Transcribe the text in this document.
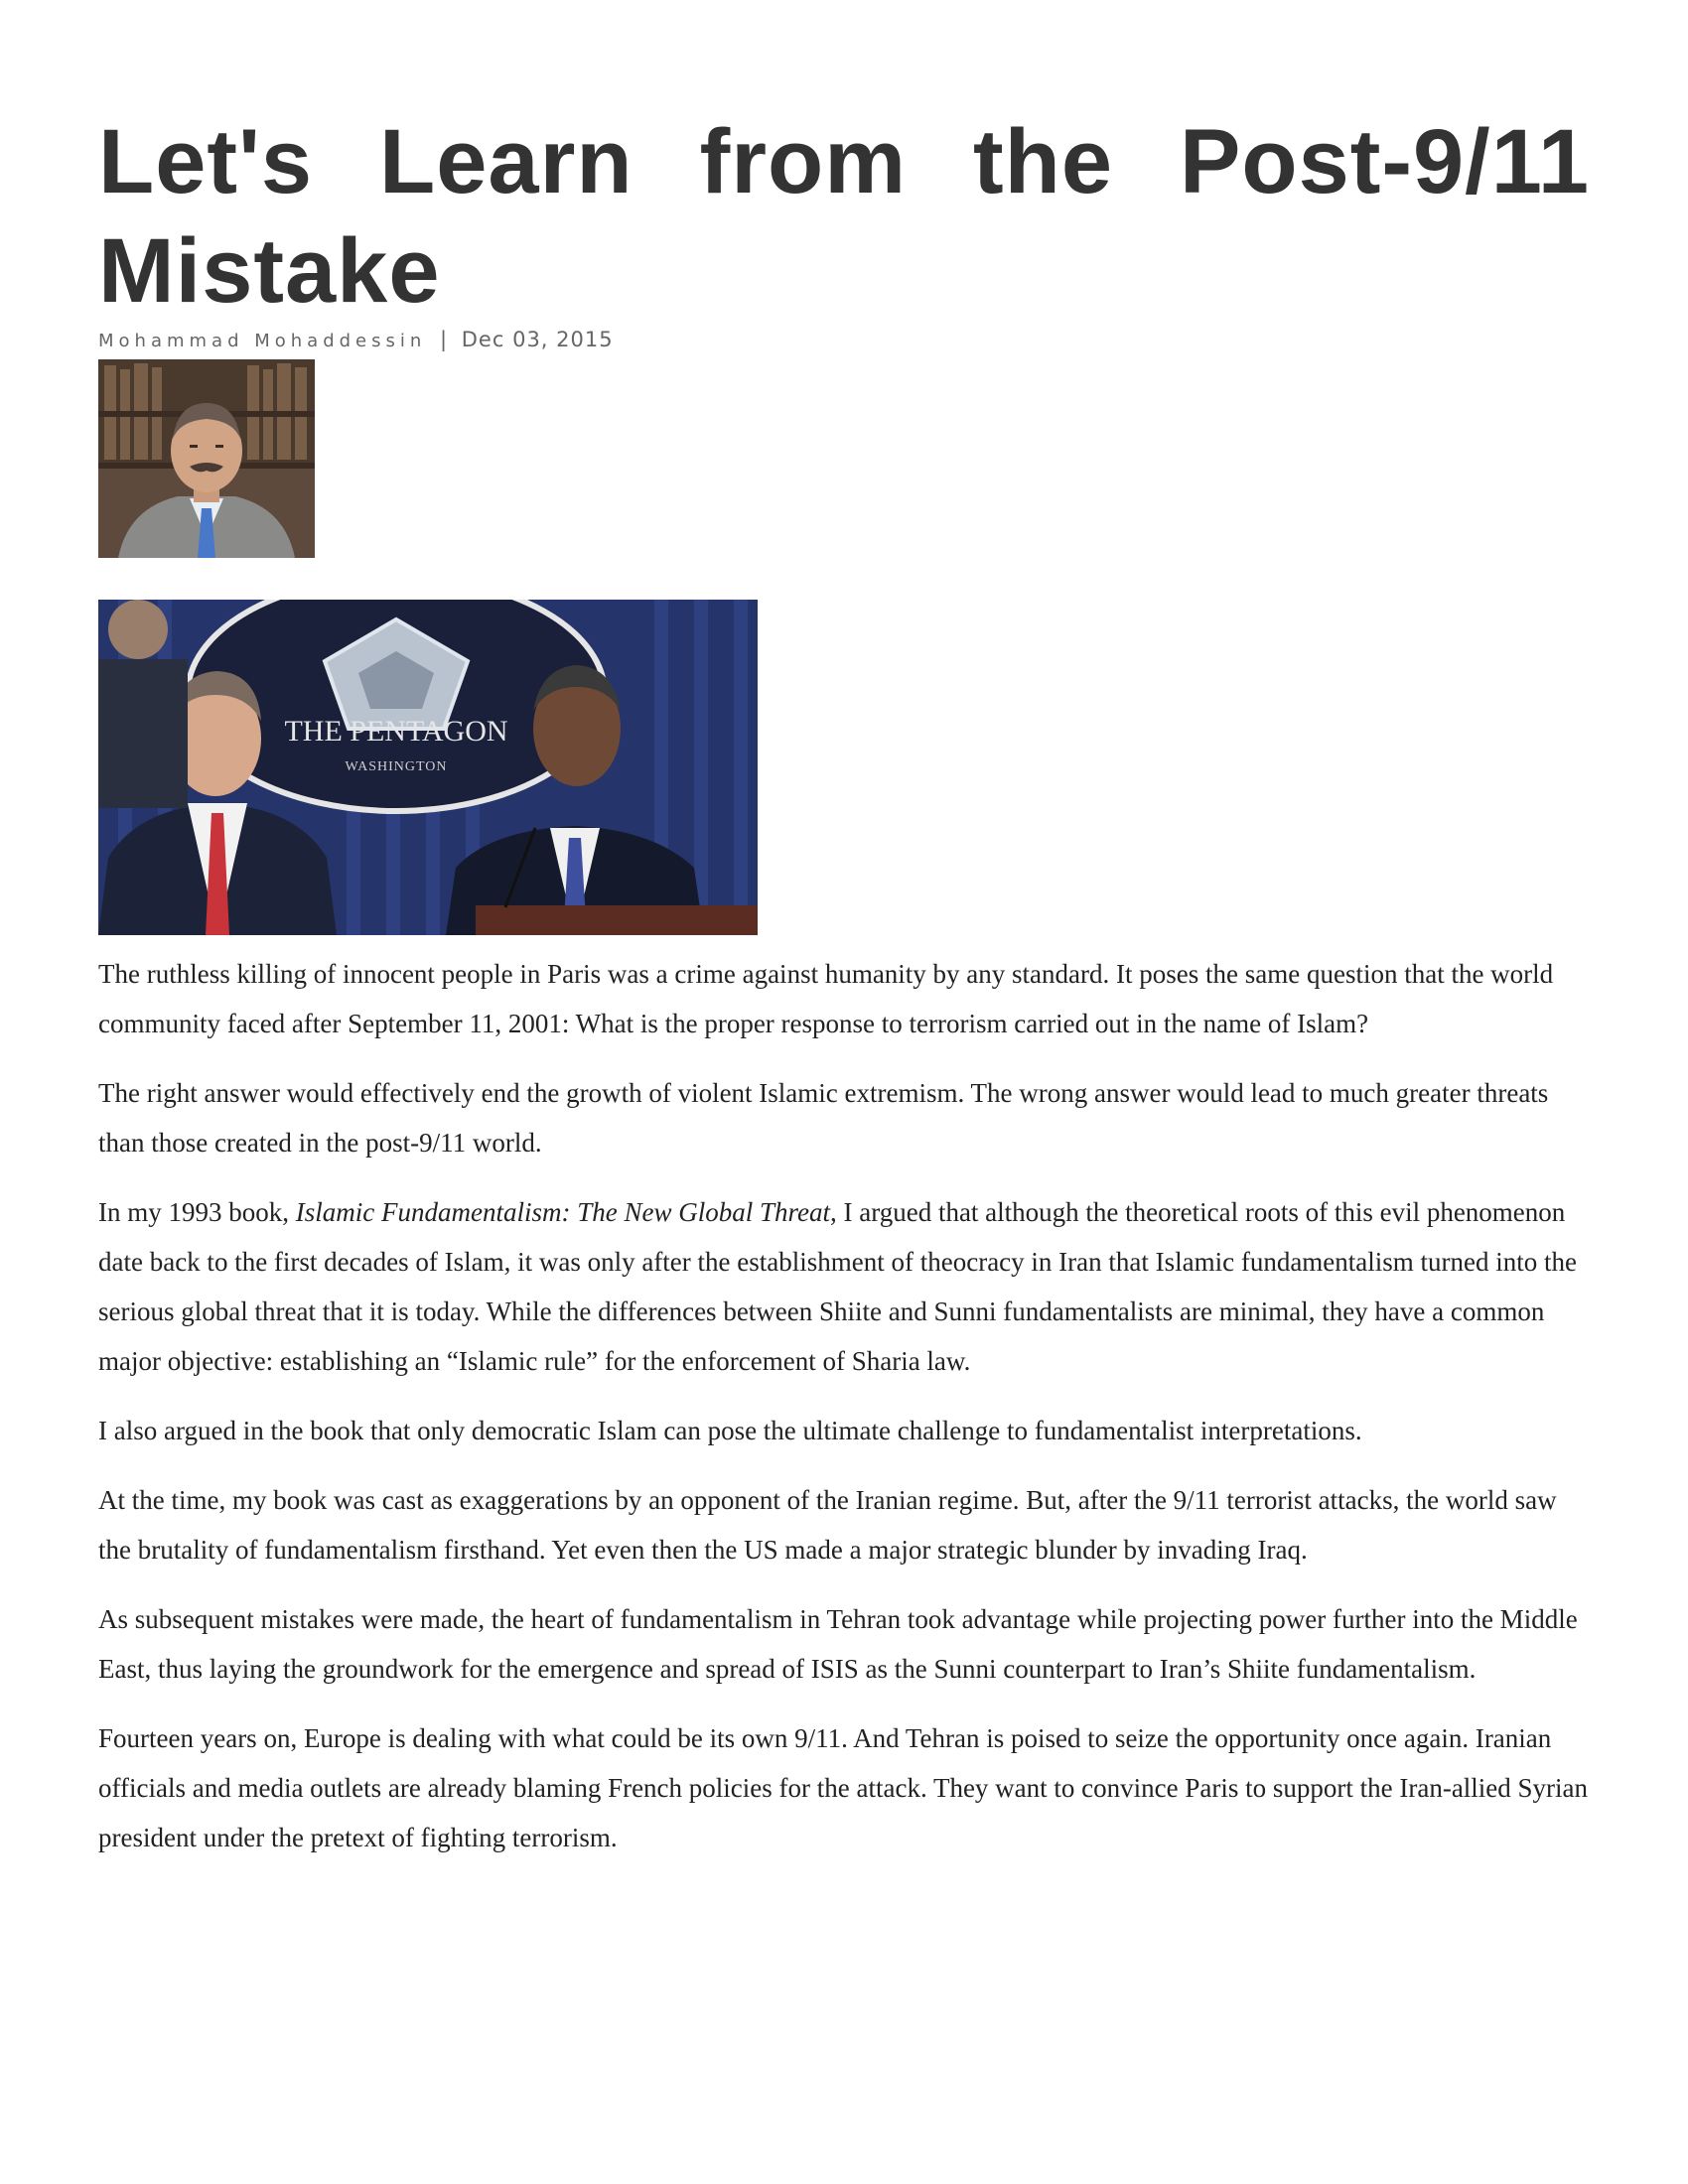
Let's Learn from the Post-9/11 Mistake
Mohammad Mohaddessin | Dec 03, 2015
THE PENTAGON
WASHINGTON

The ruthless killing of innocent people in Paris was a crime against humanity by any standard. It poses the same question that the world community faced after September 11, 2001: What is the proper response to terrorism carried out in the name of Islam?

The right answer would effectively end the growth of violent Islamic extremism. The wrong answer would lead to much greater threats than those created in the post-9/11 world.

In my 1993 book, Islamic Fundamentalism: The New Global Threat, I argued that although the theoretical roots of this evil phenomenon date back to the first decades of Islam, it was only after the establishment of theocracy in Iran that Islamic fundamentalism turned into the serious global threat that it is today. While the differences between Shiite and Sunni fundamentalists are minimal, they have a common major objective: establishing an “Islamic rule” for the enforcement of Sharia law.

I also argued in the book that only democratic Islam can pose the ultimate challenge to fundamentalist interpretations.

At the time, my book was cast as exaggerations by an opponent of the Iranian regime. But, after the 9/11 terrorist attacks, the world saw the brutality of fundamentalism firsthand. Yet even then the US made a major strategic blunder by invading Iraq.

As subsequent mistakes were made, the heart of fundamentalism in Tehran took advantage while projecting power further into the Middle East, thus laying the groundwork for the emergence and spread of ISIS as the Sunni counterpart to Iran’s Shiite fundamentalism.

Fourteen years on, Europe is dealing with what could be its own 9/11. And Tehran is poised to seize the opportunity once again. Iranian officials and media outlets are already blaming French policies for the attack. They want to convince Paris to support the Iran-allied Syrian president under the pretext of fighting terrorism.
